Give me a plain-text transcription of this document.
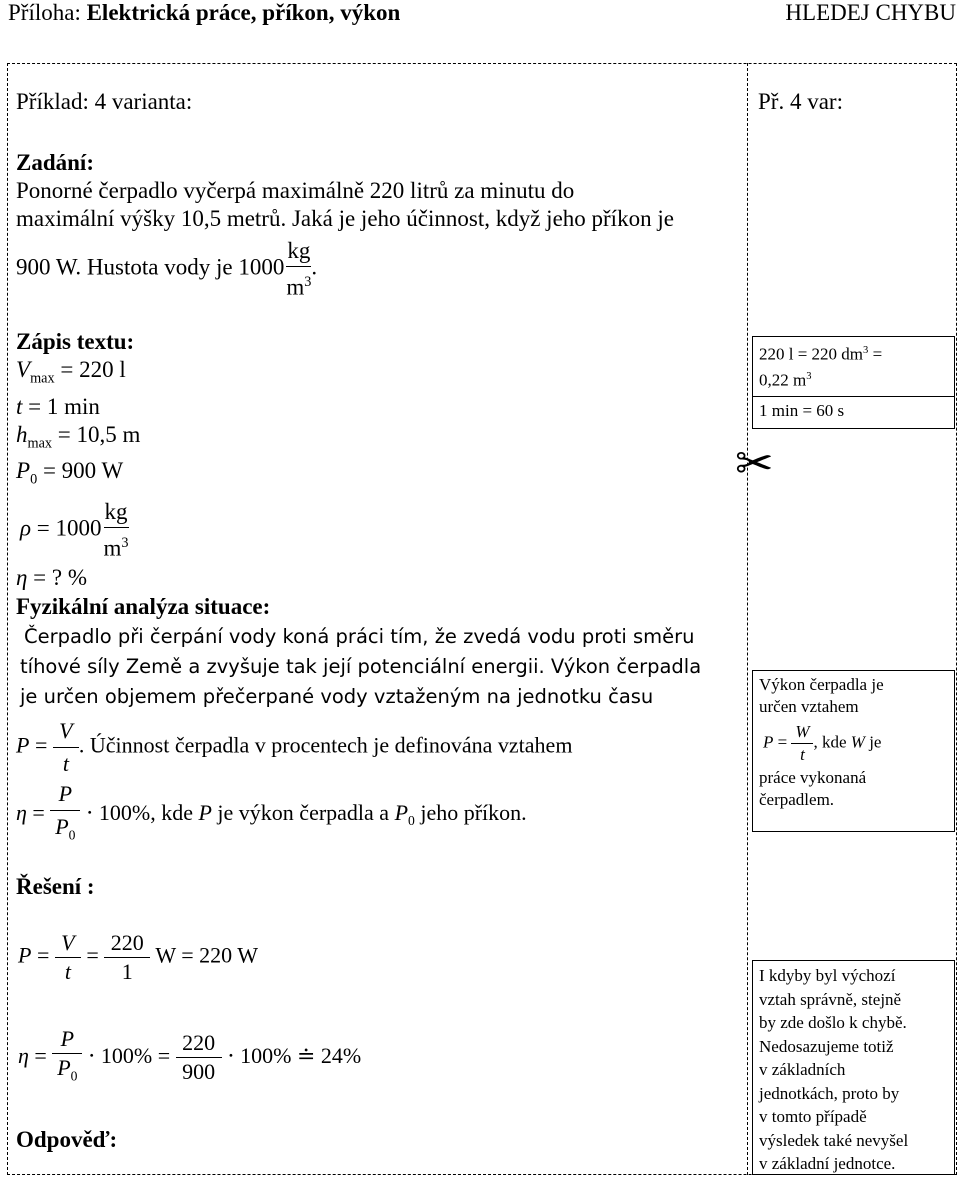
Příloha: Elektrická práce, příkon, výkon	HLEDEJ CHYBU
Příklad: 4 varianta:	Př. 4 var:
Zadání:
Ponorné čerpadlo vyčerpá maximálně 220 litrů za minutu do
maximální výšky 10,5 metrů. Jaká je jeho účinnost, když jeho příkon je
900 W. Hustota vody je $1000 \frac{kg}{m^3}$ .
Zápis textu:
$V_{max} = 220$ l
t = 1 min
$h_{max} = 10,5$ m
$P_0 = 900$ W
$\rho = 1000 \frac{kg}{m^3}$
η = ? %
220 l = 220 $dm^3$ =
0,22 $m^3$
1 min = 60 s
✂
Fyzikální analýza situace:
Čerpadlo při čerpání vody koná práci tím, že zvedá vodu proti směru
tíhové síly Země a zvyšuje tak její potenciální energii. Výkon čerpadla
je určen objemem přečerpané vody vztaženým na jednotku času
$P = \frac{V}{t}$ . Účinnost čerpadla v procentech je definována vztahem
$\eta = \frac{P}{P_0} \cdot 100\%$, kde P je výkon čerpadla a $P_0$ jeho příkon.
Výkon čerpadla je
určen vztahem
$P = \frac{W}{t}$ , kde W je
práce vykonaná
čerpadlem.
Řešení :
$P = \frac{V}{t} = \frac{220}{1}$ W = 220 W
$\eta = \frac{P}{P_0} \cdot 100\% = \frac{220}{900} \cdot 100\%$ ≐ 24%
Odpověď:
I kdyby byl výchozí
vztah správně, stejně
by zde došlo k chybě.
Nedosazujeme totiž
v základních
jednotkách, proto by
v tomto případě
výsledek také nevyšel
v základní jednotce.
